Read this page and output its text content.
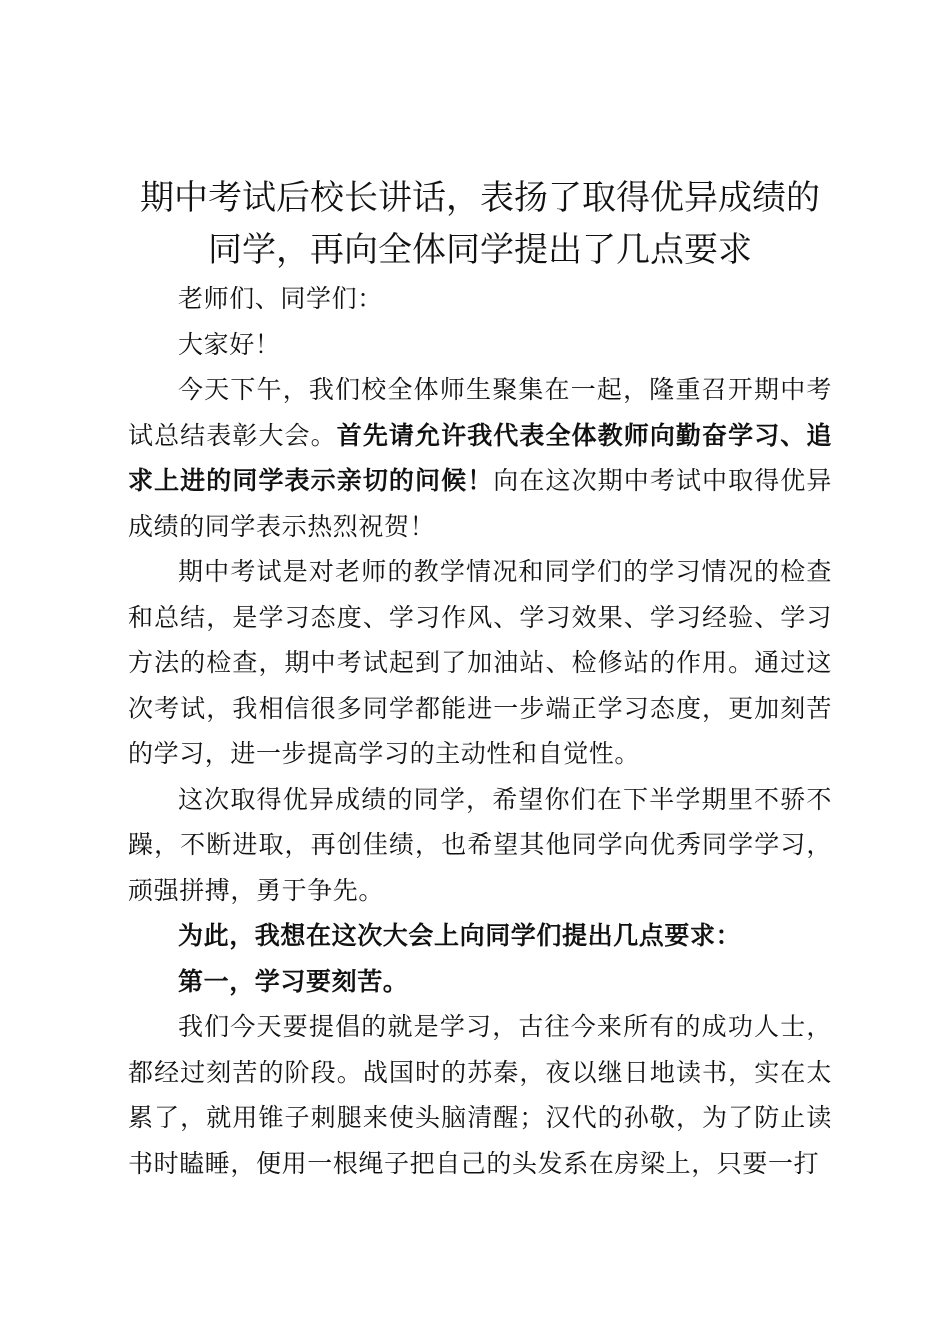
期中考试后校长讲话，表扬了取得优异成绩的
同学，再向全体同学提出了几点要求

老师们、同学们：

大家好！

今天下午，我们校全体师生聚集在一起，隆重召开期中考试总结表彰大会。首先请允许我代表全体教师向勤奋学习、追求上进的同学表示亲切的问候！向在这次期中考试中取得优异成绩的同学表示热烈祝贺！

期中考试是对老师的教学情况和同学们的学习情况的检查和总结，是学习态度、学习作风、学习效果、学习经验、学习方法的检查，期中考试起到了加油站、检修站的作用。通过这次考试，我相信很多同学都能进一步端正学习态度，更加刻苦的学习，进一步提高学习的主动性和自觉性。

这次取得优异成绩的同学，希望你们在下半学期里不骄不躁，不断进取，再创佳绩，也希望其他同学向优秀同学学习，顽强拼搏，勇于争先。

为此，我想在这次大会上向同学们提出几点要求：

第一，学习要刻苦。

我们今天要提倡的就是学习，古往今来所有的成功人士，都经过刻苦的阶段。战国时的苏秦，夜以继日地读书，实在太累了，就用锥子刺腿来使头脑清醒；汉代的孙敬，为了防止读书时瞌睡，便用一根绳子把自己的头发系在房梁上，只要一打
